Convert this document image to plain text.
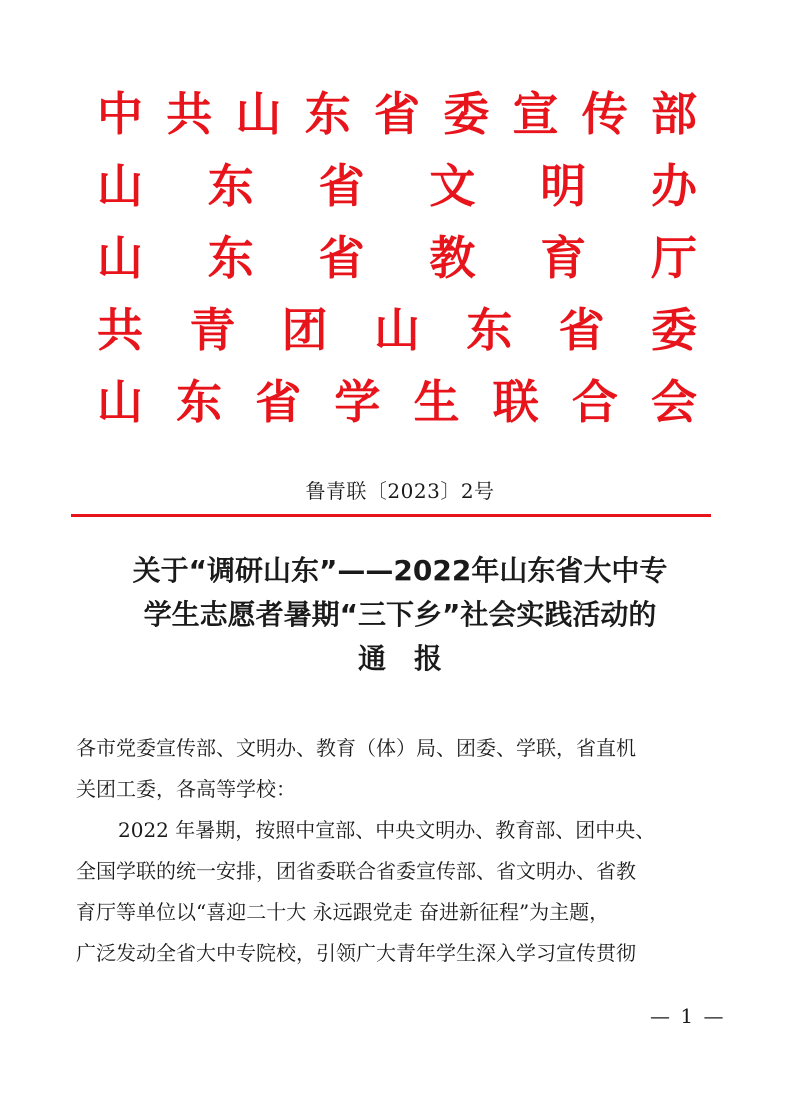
中 共 山 东 省 委 宣 传 部
山 东 省 文 明 办
山 东 省 教 育 厅
共 青 团 山 东 省 委
山 东 省 学 生 联 合 会
鲁青联〔2023〕2号
关于“调研山东”——2022年山东省大中专
学生志愿者暑期“三下乡”社会实践活动的
通报

各市党委宣传部、文明办、教育（体）局、团委、学联，省直机

关团工委，各高等学校：

2022 年暑期，按照中宣部、中央文明办、教育部、团中央、

全国学联的统一安排，团省委联合省委宣传部、省文明办、省教

育厅等单位以“喜迎二十大 永远跟党走 奋进新征程”为主题，

广泛发动全省大中专院校，引领广大青年学生深入学习宣传贯彻

— 1 —
